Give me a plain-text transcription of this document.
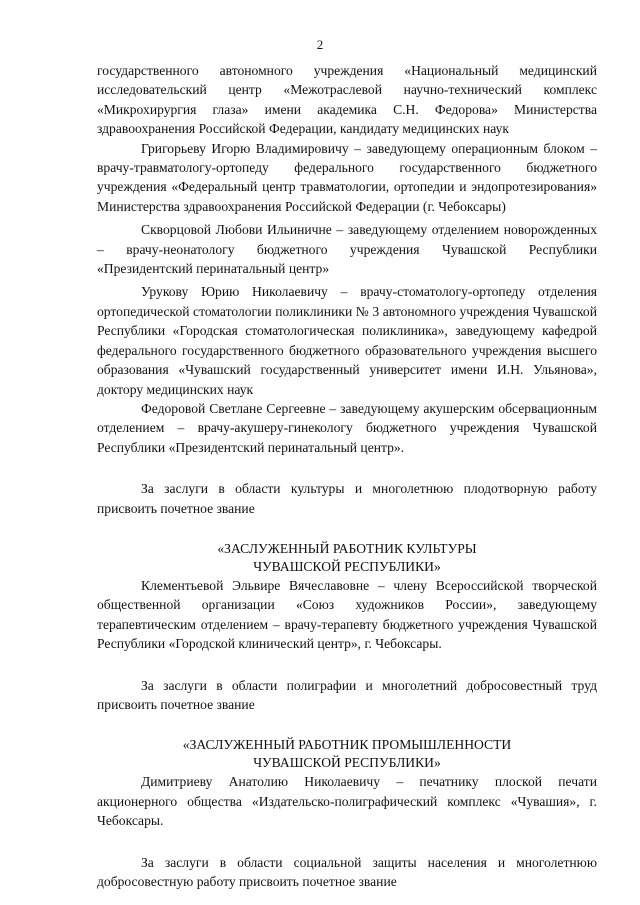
2

государственного автономного учреждения «Национальный медицинский исследовательский центр «Межотраслевой научно-технический комплекс «Микрохирургия глаза» имени академика С.Н. Федорова» Министерства здравоохранения Российской Федерации, кандидату медицинских наук

Григорьеву Игорю Владимировичу – заведующему операционным блоком – врачу-травматологу-ортопеду федерального государственного бюджетного учреждения «Федеральный центр травматологии, ортопедии и эндопротезирования» Министерства здравоохранения Российской Федерации (г. Чебоксары)

Скворцовой Любови Ильиничне – заведующему отделением новорожденных – врачу-неонатологу бюджетного учреждения Чувашской Республики «Президентский перинатальный центр»

Урукову Юрию Николаевичу – врачу-стоматологу-ортопеду отделения ортопедической стоматологии поликлиники № 3 автономного учреждения Чувашской Республики «Городская стоматологическая поликлиника», заведующему кафедрой федерального государственного бюджетного образовательного учреждения высшего образования «Чувашский государственный университет имени И.Н. Ульянова», доктору медицинских наук

Федоровой Светлане Сергеевне – заведующему акушерским обсервационным отделением – врачу-акушеру-гинекологу бюджетного учреждения Чувашской Республики «Президентский перинатальный центр».

За заслуги в области культуры и многолетнюю плодотворную работу присвоить почетное звание

«ЗАСЛУЖЕННЫЙ РАБОТНИК КУЛЬТУРЫ

ЧУВАШСКОЙ РЕСПУБЛИКИ»

Клементьевой Эльвире Вячеславовне – члену Всероссийской творческой общественной организации «Союз художников России», заведующему терапевтическим отделением – врачу-терапевту бюджетного учреждения Чувашской Республики «Городской клинический центр», г. Чебоксары.

За заслуги в области полиграфии и многолетний добросовестный труд присвоить почетное звание

«ЗАСЛУЖЕННЫЙ РАБОТНИК ПРОМЫШЛЕННОСТИ

ЧУВАШСКОЙ РЕСПУБЛИКИ»

Димитриеву Анатолию Николаевичу – печатнику плоской печати акционерного общества «Издательско-полиграфический комплекс «Чувашия», г. Чебоксары.

За заслуги в области социальной защиты населения и многолетнюю добросовестную работу присвоить почетное звание
